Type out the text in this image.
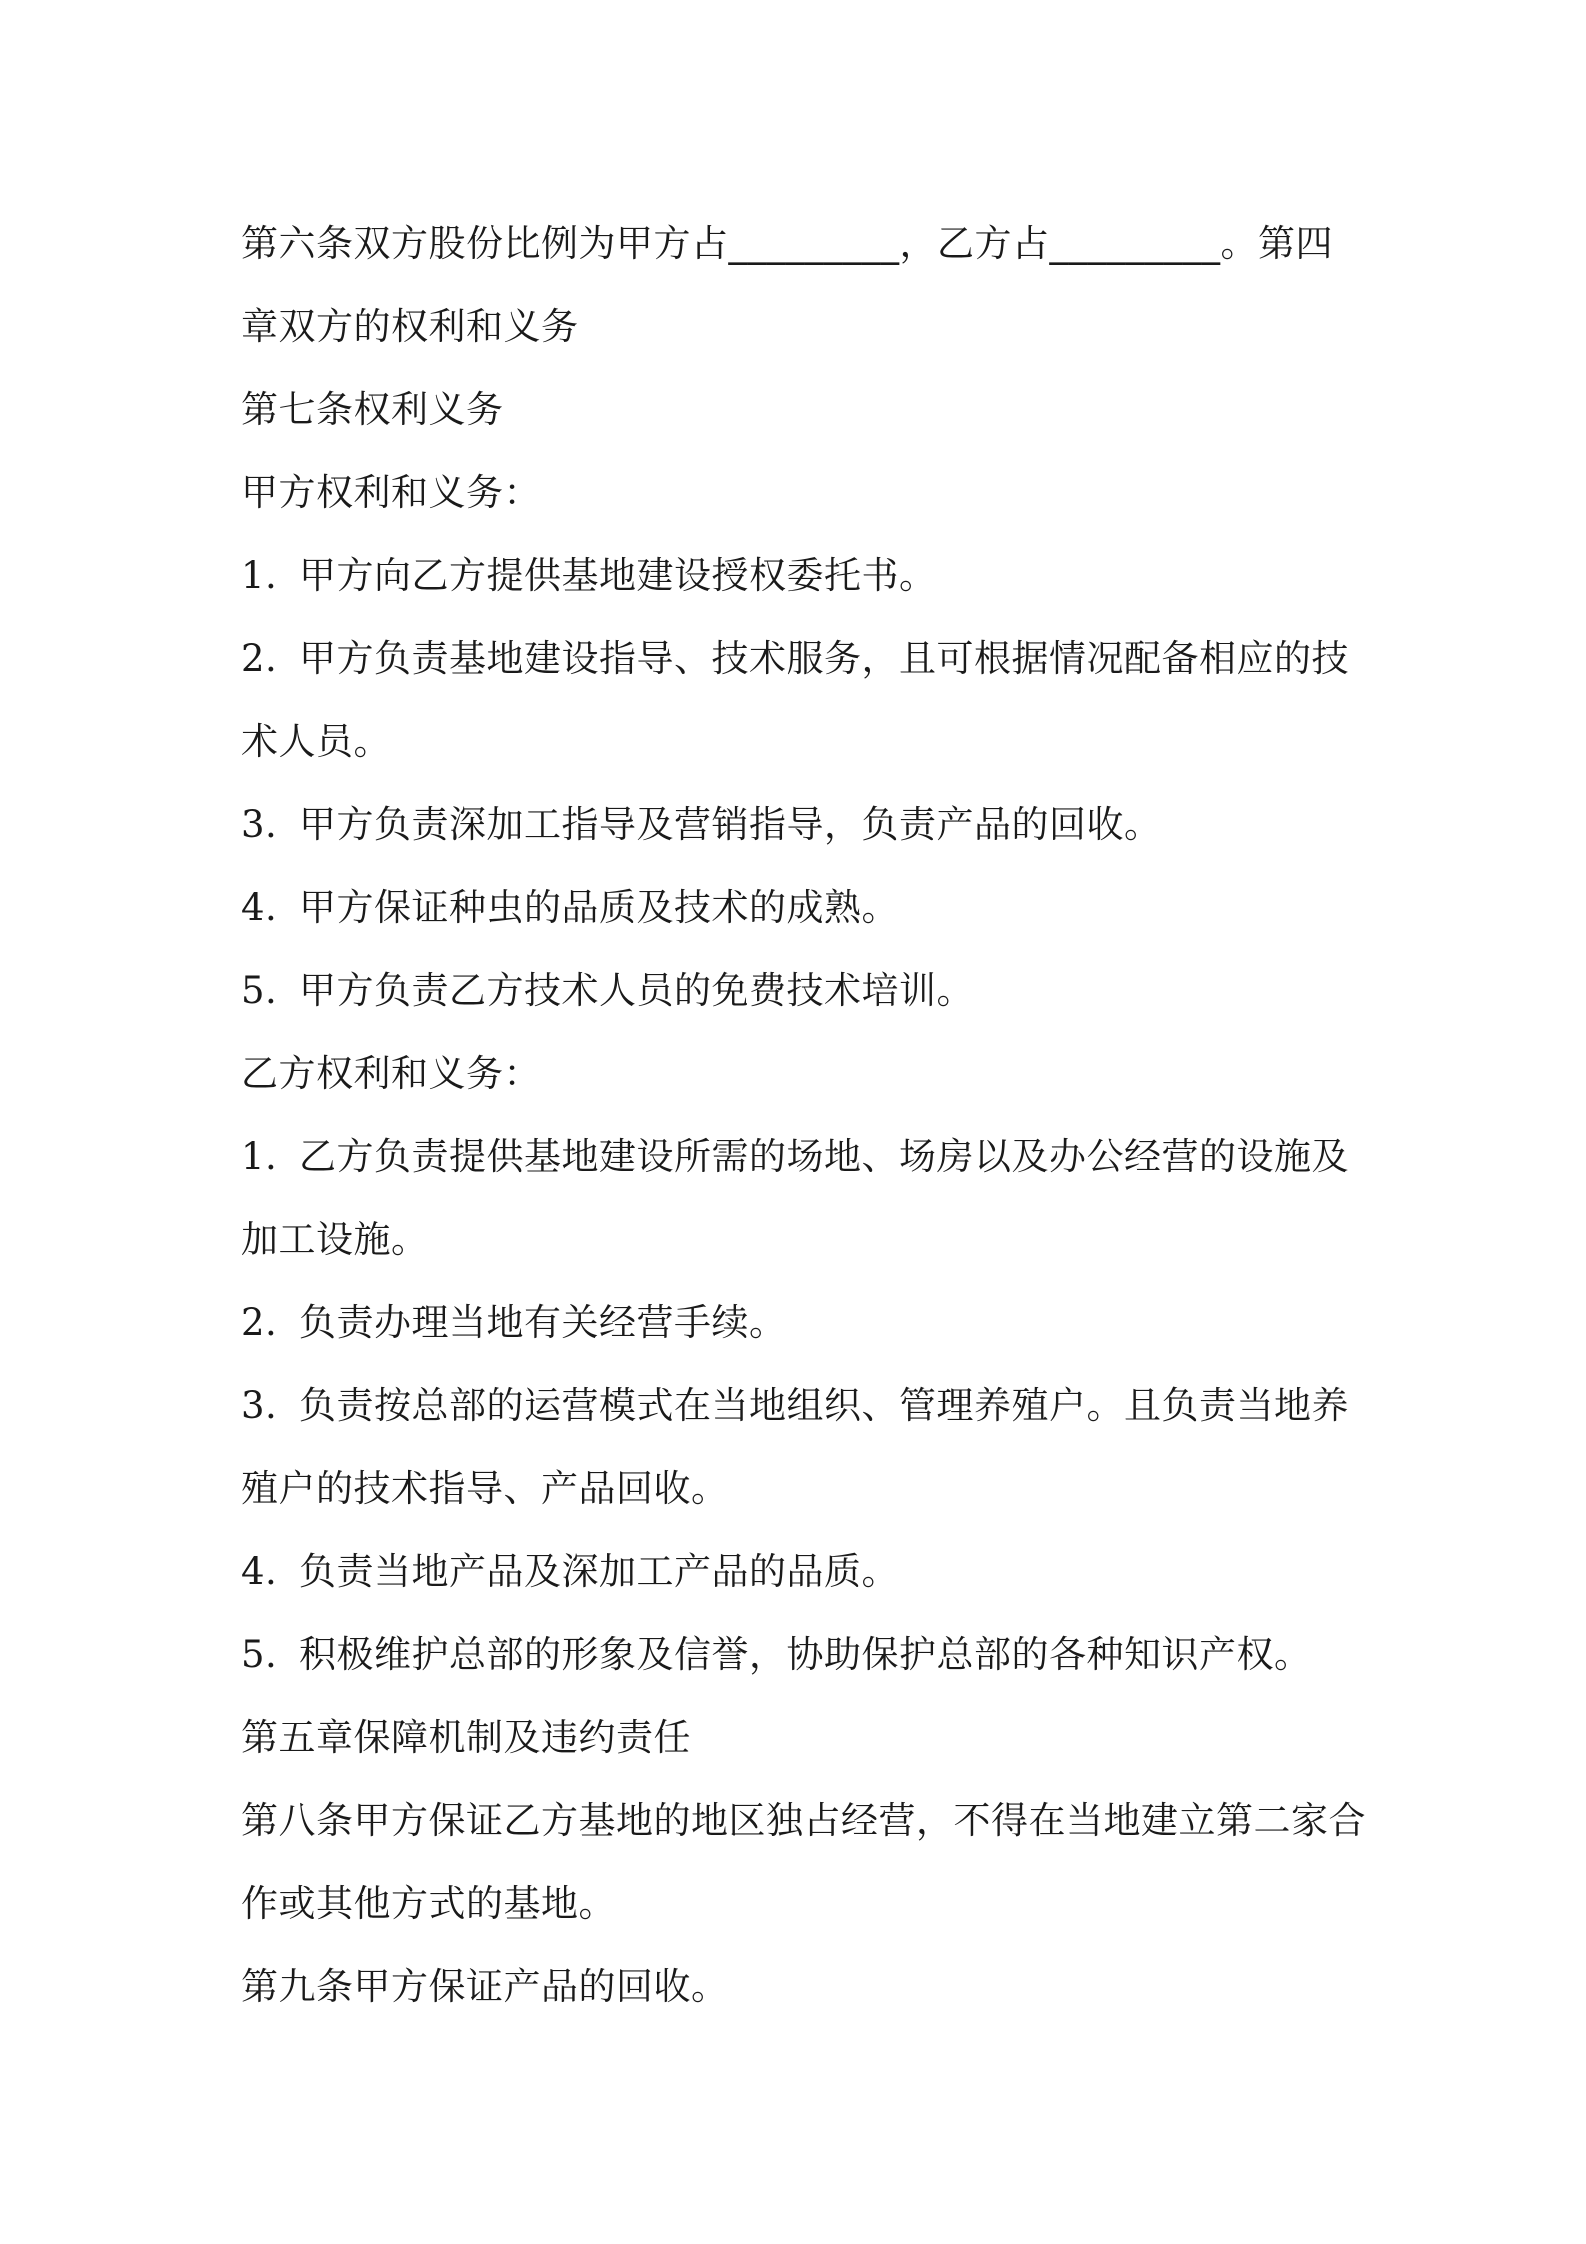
第六条双方股份比例为甲方占_________，乙方占_________。第四

章双方的权利和义务

第七条权利义务

甲方权利和义务：

1. 甲方向乙方提供基地建设授权委托书。

2. 甲方负责基地建设指导、技术服务，且可根据情况配备相应的技

术人员。

3. 甲方负责深加工指导及营销指导，负责产品的回收。

4. 甲方保证种虫的品质及技术的成熟。

5. 甲方负责乙方技术人员的免费技术培训。

乙方权利和义务：

1. 乙方负责提供基地建设所需的场地、场房以及办公经营的设施及

加工设施。

2. 负责办理当地有关经营手续。

3. 负责按总部的运营模式在当地组织、管理养殖户。且负责当地养

殖户的技术指导、产品回收。

4. 负责当地产品及深加工产品的品质。

5. 积极维护总部的形象及信誉，协助保护总部的各种知识产权。

第五章保障机制及违约责任

第八条甲方保证乙方基地的地区独占经营，不得在当地建立第二家合

作或其他方式的基地。

第九条甲方保证产品的回收。
